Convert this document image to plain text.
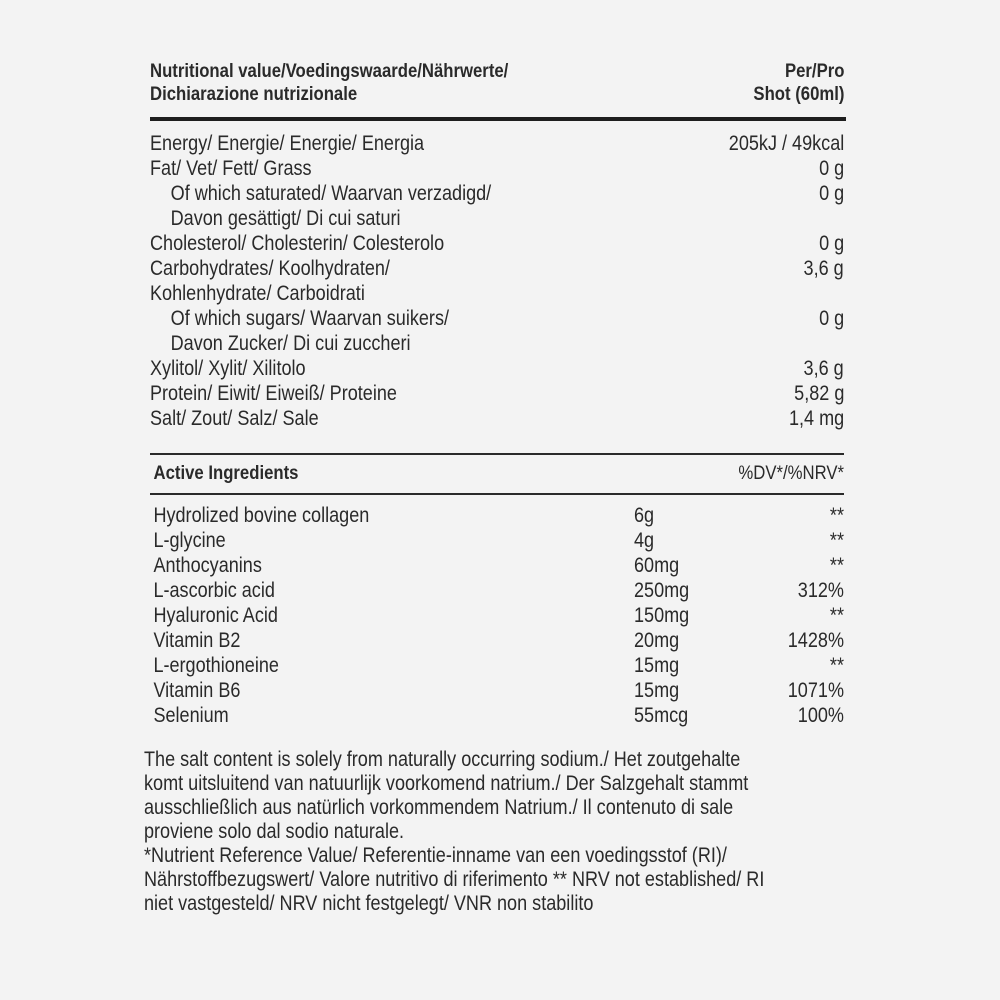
Nutritional value/Voedingswaarde/Nährwerte/
Dichiarazione nutrizionale
Per/Pro
Shot (60ml)
Energy/ Energie/ Energie/ Energia	205kJ / 49kcal
Fat/ Vet/ Fett/ Grass	0 g
Of which saturated/ Waarvan verzadigd/	0 g
Davon gesättigt/ Di cui saturi
Cholesterol/ Cholesterin/ Colesterolo	0 g
Carbohydrates/ Koolhydraten/	3,6 g
Kohlenhydrate/ Carboidrati
Of which sugars/ Waarvan suikers/	0 g
Davon Zucker/ Di cui zuccheri
Xylitol/ Xylit/ Xilitolo	3,6 g
Protein/ Eiwit/ Eiweiß/ Proteine	5,82 g
Salt/ Zout/ Salz/ Sale	1,4 mg
Active Ingredients	%DV*/%NRV*
Hydrolized bovine collagen	6g	**
L-glycine	4g	**
Anthocyanins	60mg	**
L-ascorbic acid	250mg	312%
Hyaluronic Acid	150mg	**
Vitamin B2	20mg	1428%
L-ergothioneine	15mg	**
Vitamin B6	15mg	1071%
Selenium	55mcg	100%

The salt content is solely from naturally occurring sodium./ Het zoutgehalte

komt uitsluitend van natuurlijk voorkomend natrium./ Der Salzgehalt stammt

ausschließlich aus natürlich vorkommendem Natrium./ Il contenuto di sale

proviene solo dal sodio naturale.

*Nutrient Reference Value/ Referentie-inname van een voedingsstof (RI)/

Nährstoffbezugswert/ Valore nutritivo di riferimento ** NRV not established/ RI

niet vastgesteld/ NRV nicht festgelegt/ VNR non stabilito
